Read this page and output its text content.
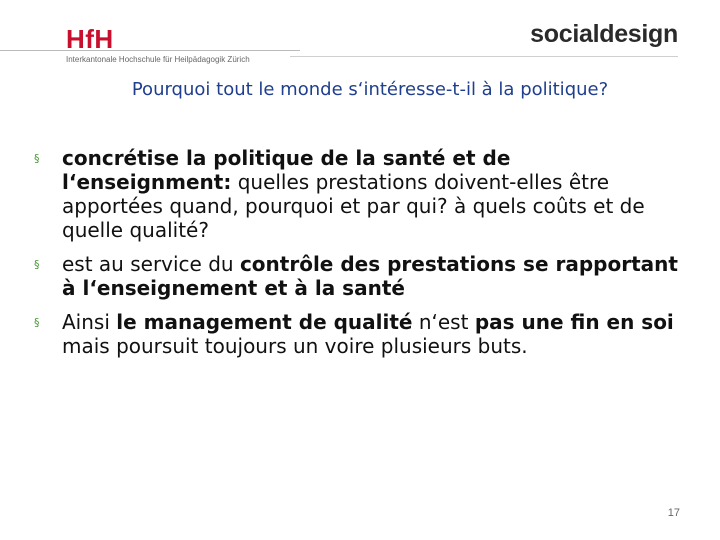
HfH
Interkantonale Hochschule für Heilpädagogik Zürich
socialdesign
Pourquoi tout le monde s‘intéresse-t-il à la politique?
§ concrétise la politique de la santé et de l‘enseignment: quelles prestations doivent-elles être apportées quand, pourquoi et par qui? à quels coûts et de quelle qualité?
§ est au service du contrôle des prestations se rapportant à l‘enseignement et à la santé
§ Ainsi le management de qualité n‘est pas une fin en soi mais poursuit toujours un voire plusieurs buts.
17
